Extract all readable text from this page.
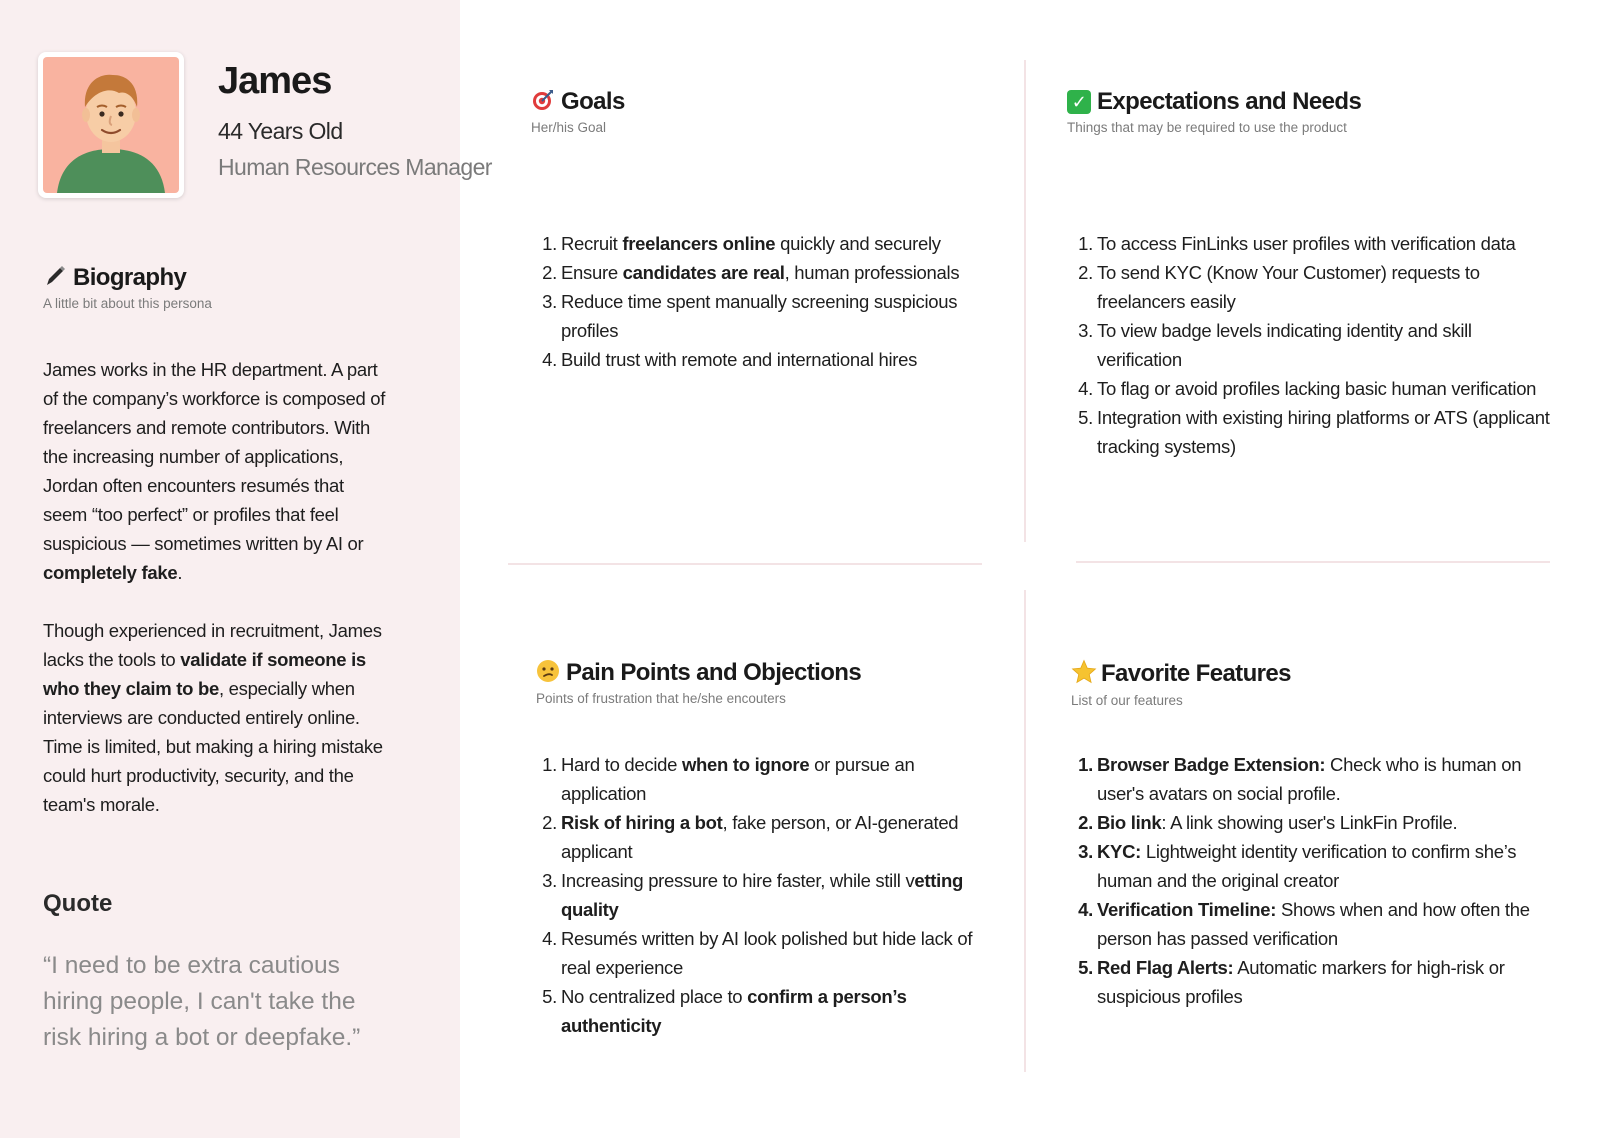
James
44 Years Old
Human Resources Manager
Biography
A little bit about this persona

James works in the HR department. A part of the company’s workforce is composed of freelancers and remote contributors. With the increasing number of applications, Jordan often encounters resumés that seem “too perfect” or profiles that feel suspicious — sometimes written by AI or completely fake.

Though experienced in recruitment, James lacks the tools to validate if someone is who they claim to be, especially when interviews are conducted entirely online. Time is limited, but making a hiring mistake could hurt productivity, security, and the team's morale.

Quote
“I need to be extra cautious hiring people, I can't take the risk hiring a bot or deepfake.”
Goals
Her/his Goal
1. Recruit freelancers online quickly and securely
2. Ensure candidates are real, human professionals
3. Reduce time spent manually screening suspicious profiles
4. Build trust with remote and international hires
✓ Expectations and Needs
Things that may be required to use the product
1. To access FinLinks user profiles with verification data
2. To send KYC (Know Your Customer) requests to freelancers easily
3. To view badge levels indicating identity and skill verification
4. To flag or avoid profiles lacking basic human verification
5. Integration with existing hiring platforms or ATS (applicant tracking systems)
Pain Points and Objections
Points of frustration that he/she encouters
1. Hard to decide when to ignore or pursue an application
2. Risk of hiring a bot, fake person, or AI-generated applicant
3. Increasing pressure to hire faster, while still vetting quality
4. Resumés written by AI look polished but hide lack of real experience
5. No centralized place to confirm a person’s authenticity
Favorite Features
List of our features
1. Browser Badge Extension: Check who is human on user's avatars on social profile.
2. Bio link: A link showing user's LinkFin Profile.
3. KYC: Lightweight identity verification to confirm she’s human and the original creator
4. Verification Timeline: Shows when and how often the person has passed verification
5. Red Flag Alerts: Automatic markers for high-risk or suspicious profiles
